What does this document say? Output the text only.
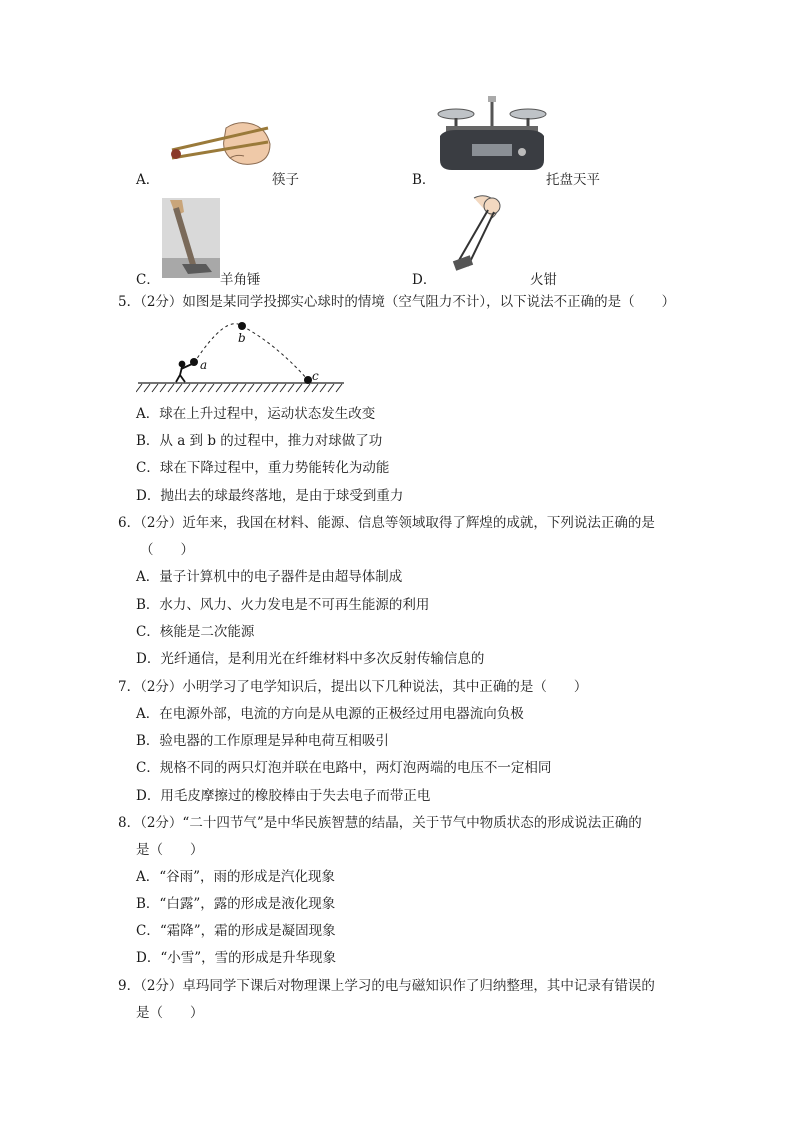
A．	筷子	B．	托盘天平
C．	羊角锤	D．	火钳
5．（2分）如图是某同学投掷实心球时的情境（空气阻力不计），以下说法不正确的是（　　）
a
b
c
A．球在上升过程中，运动状态发生改变
B．从 a 到 b 的过程中，推力对球做了功
C．球在下降过程中，重力势能转化为动能
D．抛出去的球最终落地，是由于球受到重力
6．（2分）近年来，我国在材料、能源、信息等领域取得了辉煌的成就，下列说法正确的是
（　　）
A．量子计算机中的电子器件是由超导体制成
B．水力、风力、火力发电是不可再生能源的利用
C．核能是二次能源
D．光纤通信，是利用光在纤维材料中多次反射传输信息的
7．（2分）小明学习了电学知识后，提出以下几种说法，其中正确的是（　　）
A．在电源外部，电流的方向是从电源的正极经过用电器流向负极
B．验电器的工作原理是异种电荷互相吸引
C．规格不同的两只灯泡并联在电路中，两灯泡两端的电压不一定相同
D．用毛皮摩擦过的橡胶棒由于失去电子而带正电
8．（2分）“二十四节气”是中华民族智慧的结晶，关于节气中物质状态的形成说法正确的
是（　　）
A．“谷雨”，雨的形成是汽化现象
B．“白露”，露的形成是液化现象
C．“霜降”，霜的形成是凝固现象
D．“小雪”，雪的形成是升华现象
9．（2分）卓玛同学下课后对物理课上学习的电与磁知识作了归纳整理，其中记录有错误的
是（　　）
